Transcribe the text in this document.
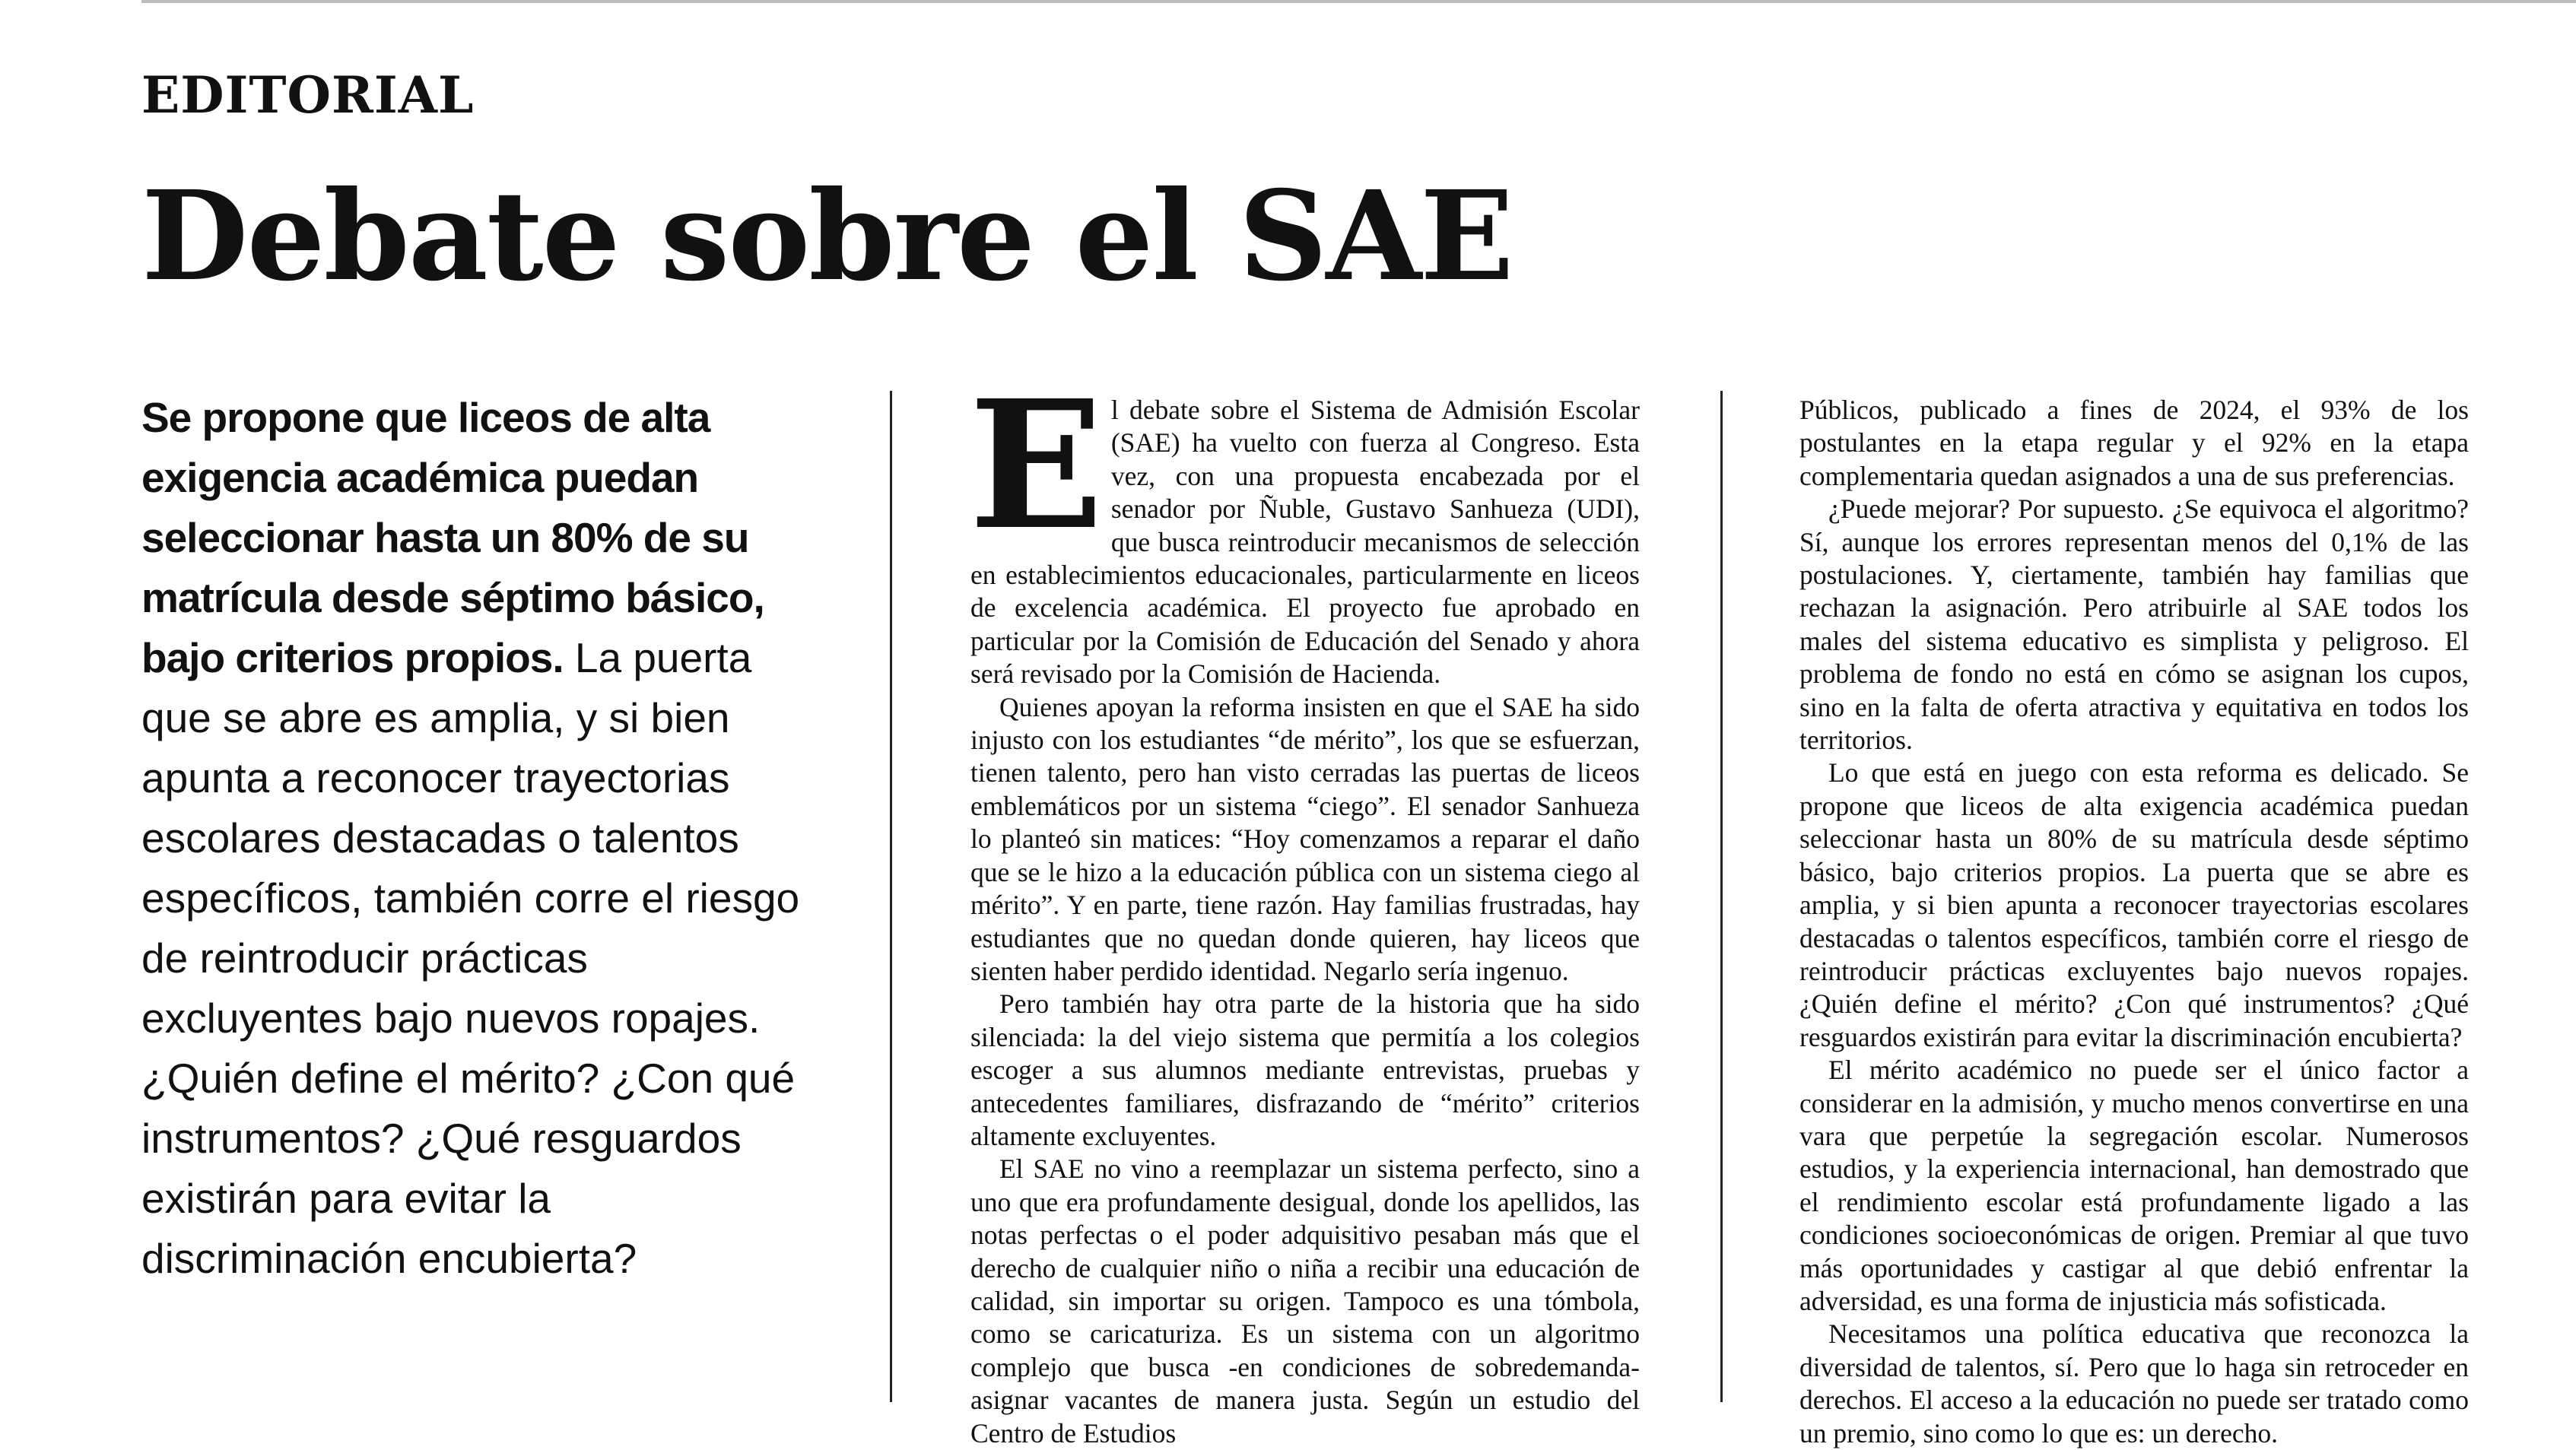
EDITORIAL
Debate sobre el SAE
Se propone que liceos de alta exigencia académica puedan seleccionar hasta un 80% de su matrícula desde séptimo básico, bajo criterios propios. La puerta que se abre es amplia, y si bien apunta a reconocer trayectorias escolares destacadas o talentos específicos, también corre el riesgo de reintroducir prácticas excluyentes bajo nuevos ropajes. ¿Quién define el mérito? ¿Con qué instrumentos? ¿Qué resguardos existirán para evitar la discriminación encubierta?

El debate sobre el Sistema de Admisión Escolar (SAE) ha vuelto con fuerza al Congreso. Esta vez, con una propuesta encabezada por el senador por Ñuble, Gustavo Sanhueza (UDI), que busca reintroducir mecanismos de selección en establecimientos educacionales, particularmente en liceos de excelencia académica. El proyecto fue aprobado en particular por la Comisión de Educación del Senado y ahora será revisado por la Comisión de Hacienda.

Quienes apoyan la reforma insisten en que el SAE ha sido injusto con los estudiantes “de mérito”, los que se esfuerzan, tienen talento, pero han visto cerradas las puertas de liceos emblemáticos por un sistema “ciego”. El senador Sanhueza lo planteó sin matices: “Hoy comenzamos a reparar el daño que se le hizo a la educación pública con un sistema ciego al mérito”. Y en parte, tiene razón. Hay familias frustradas, hay estudiantes que no quedan donde quieren, hay liceos que sienten haber perdido identidad. Negarlo sería ingenuo.

Pero también hay otra parte de la historia que ha sido silenciada: la del viejo sistema que permitía a los colegios escoger a sus alumnos mediante entrevistas, pruebas y antecedentes familiares, disfrazando de “mérito” criterios altamente excluyentes.

El SAE no vino a reemplazar un sistema perfecto, sino a uno que era profundamente desigual, donde los apellidos, las notas perfectas o el poder adquisitivo pesaban más que el derecho de cualquier niño o niña a recibir una educación de calidad, sin importar su origen. Tampoco es una tómbola, como se caricaturiza. Es un sistema con un algoritmo complejo que busca -en condiciones de sobredemanda- asignar vacantes de manera justa. Según un estudio del Centro de Estudios

Públicos, publicado a fines de 2024, el 93% de los postulantes en la etapa regular y el 92% en la etapa complementaria quedan asignados a una de sus preferencias.

¿Puede mejorar? Por supuesto. ¿Se equivoca el algoritmo? Sí, aunque los errores representan menos del 0,1% de las postulaciones. Y, ciertamente, también hay familias que rechazan la asignación. Pero atribuirle al SAE todos los males del sistema educativo es simplista y peligroso. El problema de fondo no está en cómo se asignan los cupos, sino en la falta de oferta atractiva y equitativa en todos los territorios.

Lo que está en juego con esta reforma es delicado. Se propone que liceos de alta exigencia académica puedan seleccionar hasta un 80% de su matrícula desde séptimo básico, bajo criterios propios. La puerta que se abre es amplia, y si bien apunta a reconocer trayectorias escolares destacadas o talentos específicos, también corre el riesgo de reintroducir prácticas excluyentes bajo nuevos ropajes. ¿Quién define el mérito? ¿Con qué instrumentos? ¿Qué resguardos existirán para evitar la discriminación encubierta?

El mérito académico no puede ser el único factor a considerar en la admisión, y mucho menos convertirse en una vara que perpetúe la segregación escolar. Numerosos estudios, y la experiencia internacional, han demostrado que el rendimiento escolar está profundamente ligado a las condiciones socioeconómicas de origen. Premiar al que tuvo más oportunidades y castigar al que debió enfrentar la adversidad, es una forma de injusticia más sofisticada.

Necesitamos una política educativa que reconozca la diversidad de talentos, sí. Pero que lo haga sin retroceder en derechos. El acceso a la educación no puede ser tratado como un premio, sino como lo que es: un derecho.
